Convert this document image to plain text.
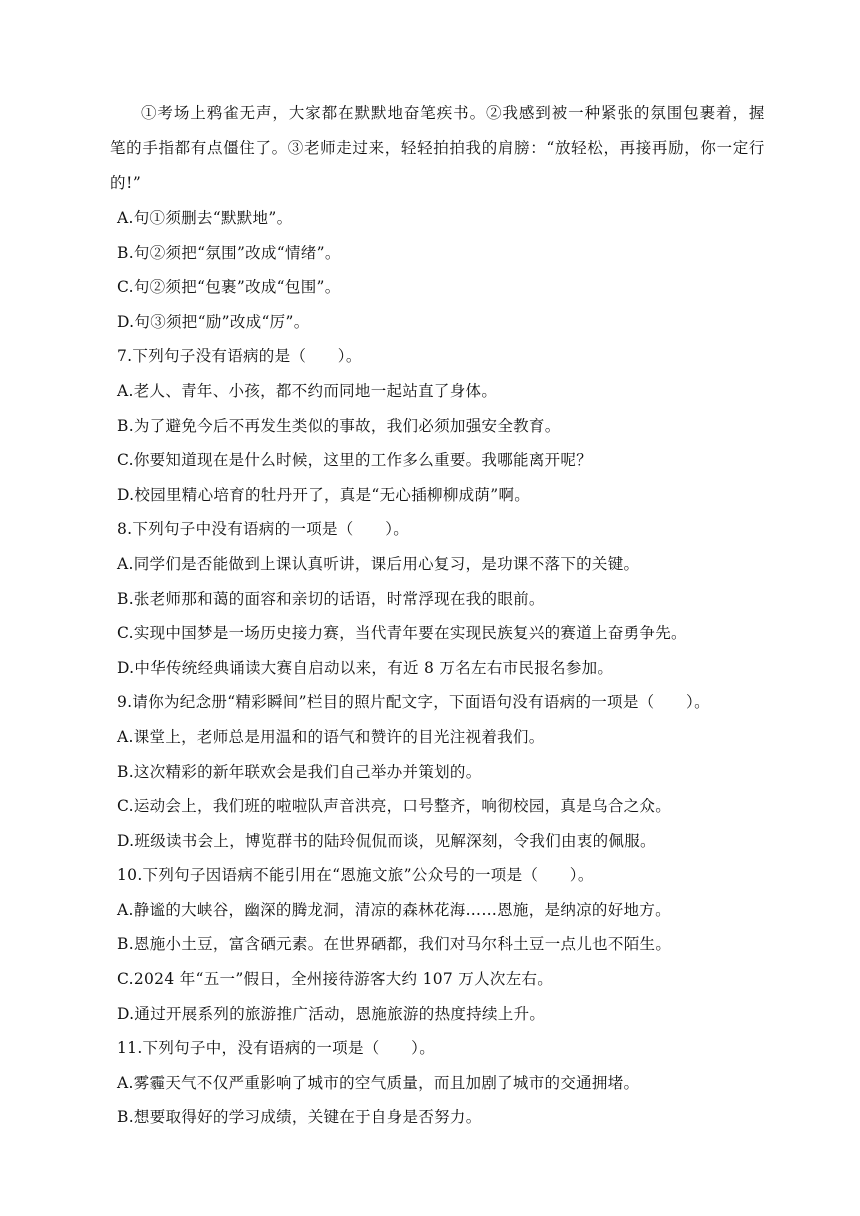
①考场上鸦雀无声，大家都在默默地奋笔疾书。②我感到被一种紧张的氛围包裹着，握笔的手指都有点僵住了。③老师走过来，轻轻拍拍我的肩膀：“放轻松，再接再励，你一定行的!”

A.句①须删去“默默地”。
B.句②须把“氛围”改成“情绪”。
C.句②须把“包裹”改成“包围”。
D.句③须把“励”改成“厉”。
7.下列句子没有语病的是（　　）。
A.老人、青年、小孩，都不约而同地一起站直了身体。
B.为了避免今后不再发生类似的事故，我们必须加强安全教育。
C.你要知道现在是什么时候，这里的工作多么重要。我哪能离开呢？
D.校园里精心培育的牡丹开了，真是“无心插柳柳成荫”啊。
8.下列句子中没有语病的一项是（　　）。
A.同学们是否能做到上课认真听讲，课后用心复习，是功课不落下的关键。
B.张老师那和蔼的面容和亲切的话语，时常浮现在我的眼前。
C.实现中国梦是一场历史接力赛，当代青年要在实现民族复兴的赛道上奋勇争先。
D.中华传统经典诵读大赛自启动以来，有近 8 万名左右市民报名参加。
9.请你为纪念册“精彩瞬间”栏目的照片配文字，下面语句没有语病的一项是（　　）。
A.课堂上，老师总是用温和的语气和赞许的目光注视着我们。
B.这次精彩的新年联欢会是我们自己举办并策划的。
C.运动会上，我们班的啦啦队声音洪亮，口号整齐，响彻校园，真是乌合之众。
D.班级读书会上，博览群书的陆玲侃侃而谈，见解深刻，令我们由衷的佩服。
10.下列句子因语病不能引用在“恩施文旅”公众号的一项是（　　）。
A.静谧的大峡谷，幽深的腾龙洞，清凉的森林花海……恩施，是纳凉的好地方。
B.恩施小土豆，富含硒元素。在世界硒都，我们对马尔科土豆一点儿也不陌生。
C.2024 年“五一”假日，全州接待游客大约 107 万人次左右。
D.通过开展系列的旅游推广活动，恩施旅游的热度持续上升。
11.下列句子中，没有语病的一项是（　　）。
A.雾霾天气不仅严重影响了城市的空气质量，而且加剧了城市的交通拥堵。
B.想要取得好的学习成绩，关键在于自身是否努力。
